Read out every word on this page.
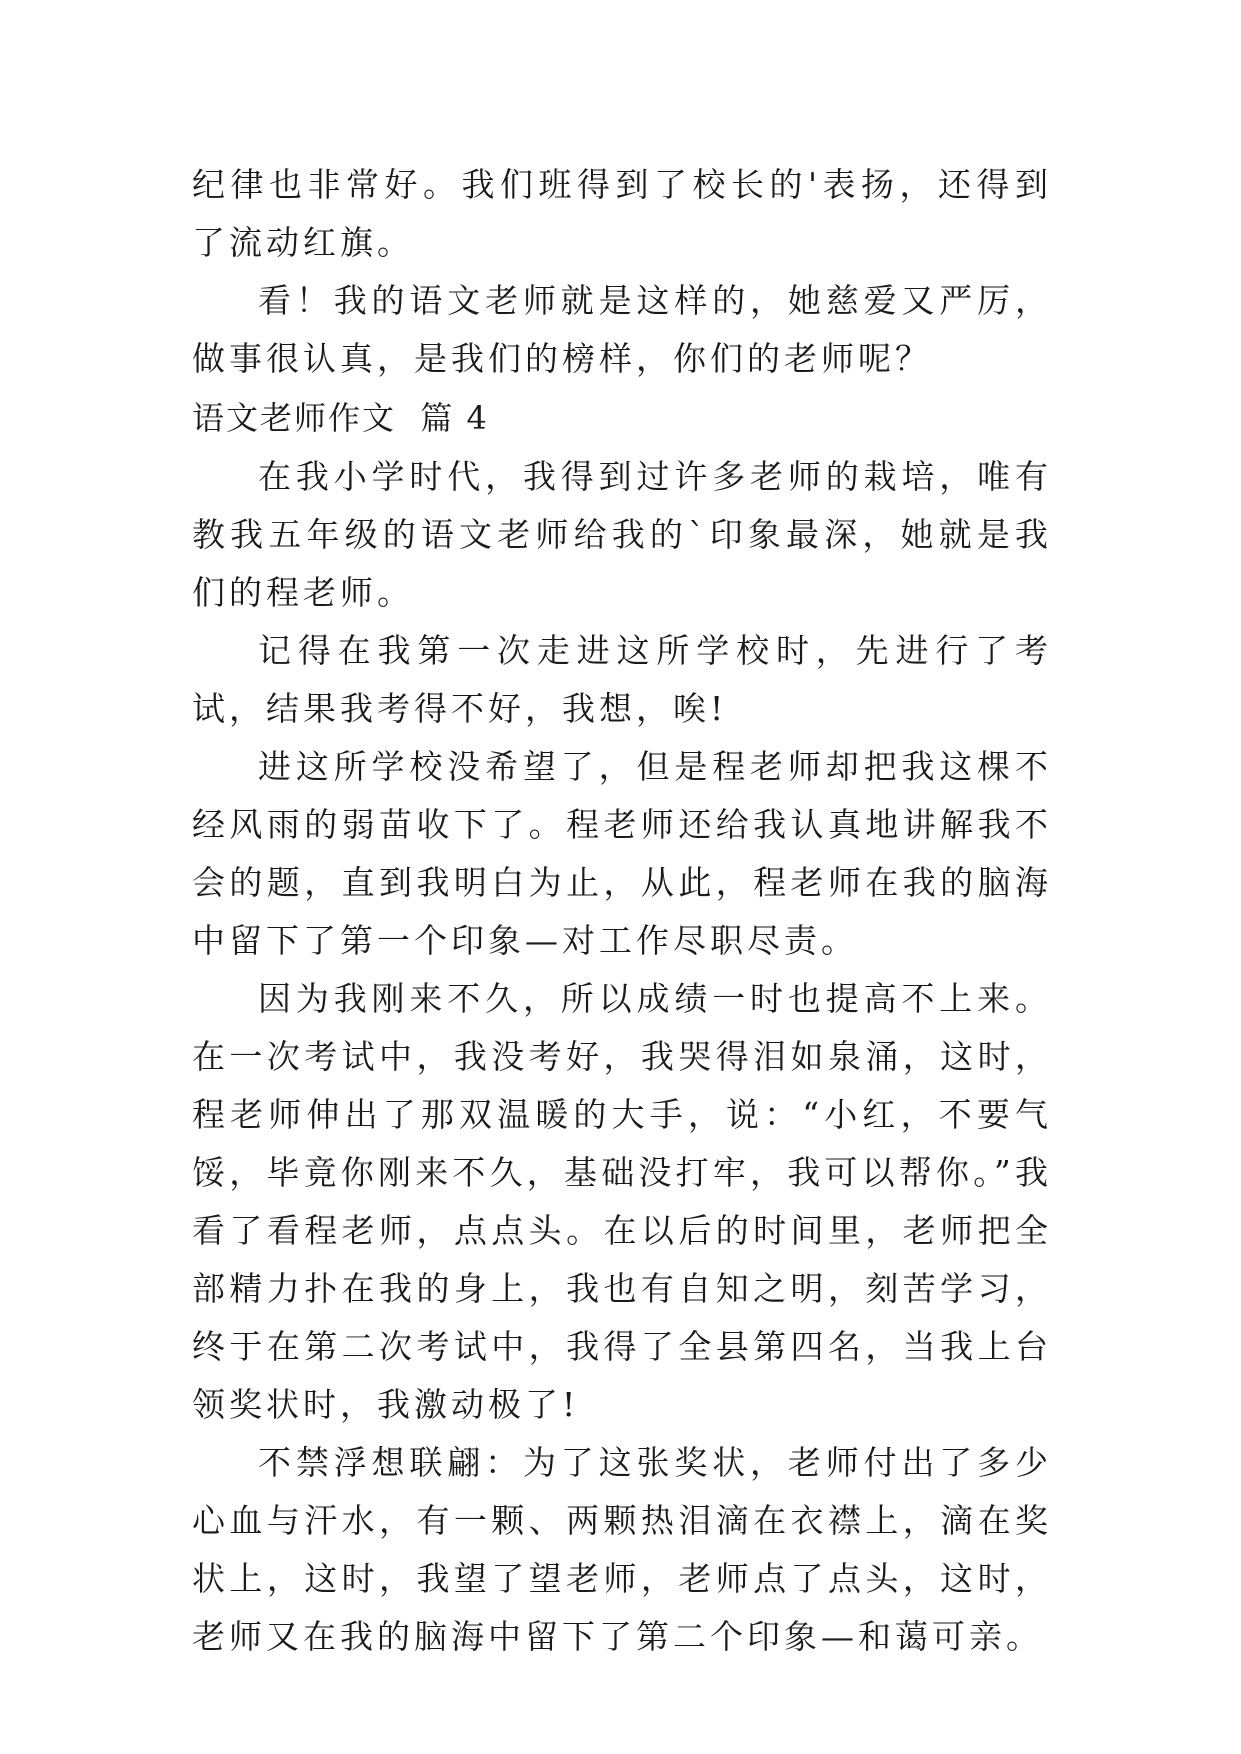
纪律也非常好。我们班得到了校长的'表扬，还得到了流动红旗。

看！我的语文老师就是这样的，她慈爱又严厉，做事很认真，是我们的榜样，你们的老师呢？

语文老师作文  篇 4

在我小学时代，我得到过许多老师的栽培，唯有教我五年级的语文老师给我的`印象最深，她就是我们的程老师。

记得在我第一次走进这所学校时，先进行了考试，结果我考得不好，我想，唉!

进这所学校没希望了，但是程老师却把我这棵不经风雨的弱苗收下了。程老师还给我认真地讲解我不会的题，直到我明白为止，从此，程老师在我的脑海中留下了第一个印象—对工作尽职尽责。

因为我刚来不久，所以成绩一时也提高不上来。在一次考试中，我没考好，我哭得泪如泉涌，这时，程老师伸出了那双温暖的大手，说：“小红，不要气馁，毕竟你刚来不久，基础没打牢，我可以帮你。”我看了看程老师，点点头。在以后的时间里，老师把全部精力扑在我的身上，我也有自知之明，刻苦学习，终于在第二次考试中，我得了全县第四名，当我上台领奖状时，我激动极了!

不禁浮想联翩：为了这张奖状，老师付出了多少心血与汗水，有一颗、两颗热泪滴在衣襟上，滴在奖状上，这时，我望了望老师，老师点了点头，这时，老师又在我的脑海中留下了第二个印象—和蔼可亲。
